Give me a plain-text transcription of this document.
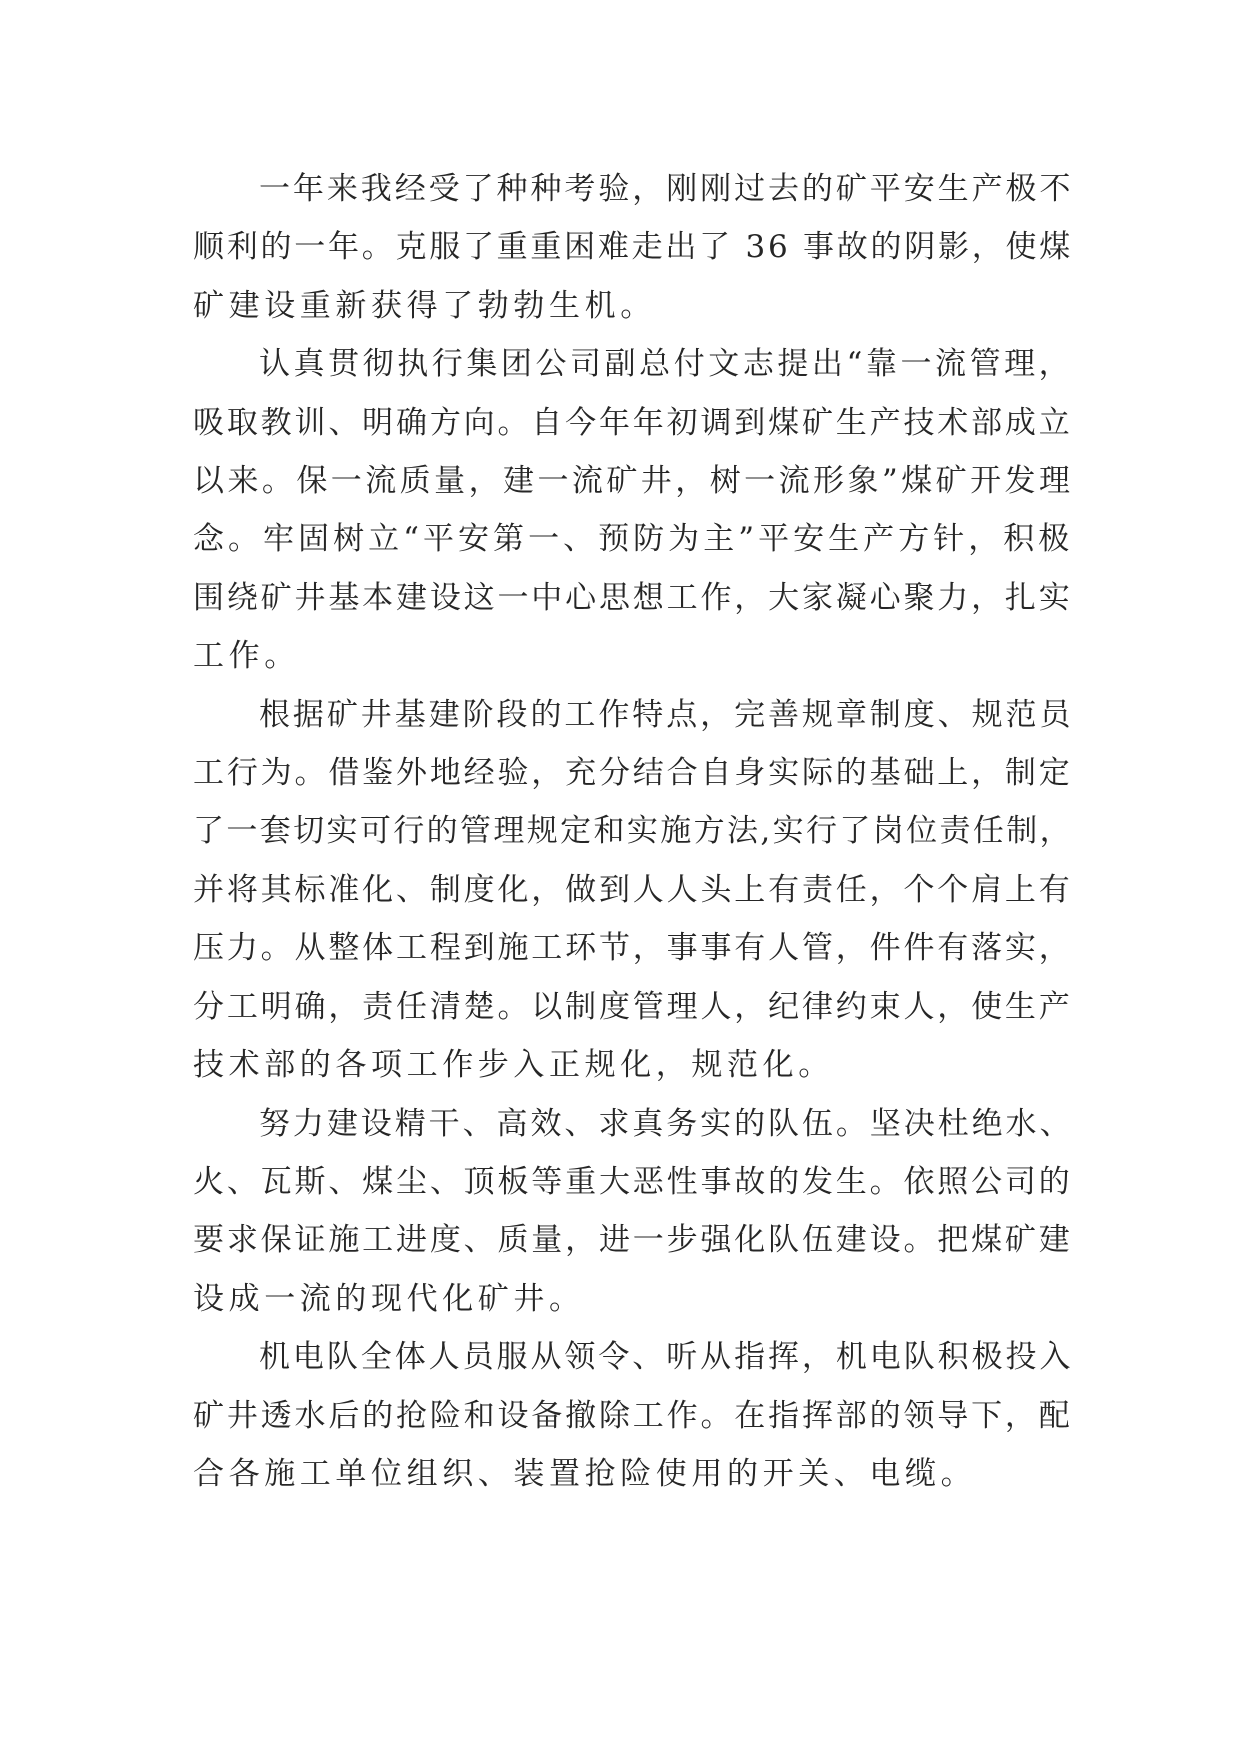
一年来我经受了种种考验，刚刚过去的矿平安生产极不
顺利的一年。克服了重重困难走出了 36 事故的阴影，使煤
矿建设重新获得了勃勃生机。

认真贯彻执行集团公司副总付文志提出“靠一流管理，
吸取教训、明确方向。自今年年初调到煤矿生产技术部成立
以来。保一流质量，建一流矿井，树一流形象”煤矿开发理
念。牢固树立“平安第一、预防为主”平安生产方针，积极
围绕矿井基本建设这一中心思想工作，大家凝心聚力，扎实
工作。

根据矿井基建阶段的工作特点，完善规章制度、规范员
工行为。借鉴外地经验，充分结合自身实际的基础上，制定
了一套切实可行的管理规定和实施方法,实行了岗位责任制，
并将其标准化、制度化，做到人人头上有责任，个个肩上有
压力。从整体工程到施工环节，事事有人管，件件有落实，
分工明确，责任清楚。以制度管理人，纪律约束人，使生产
技术部的各项工作步入正规化，规范化。

努力建设精干、高效、求真务实的队伍。坚决杜绝水、
火、瓦斯、煤尘、顶板等重大恶性事故的发生。依照公司的
要求保证施工进度、质量，进一步强化队伍建设。把煤矿建
设成一流的现代化矿井。

机电队全体人员服从领令、听从指挥，机电队积极投入
矿井透水后的抢险和设备撤除工作。在指挥部的领导下，配
合各施工单位组织、装置抢险使用的开关、电缆。
